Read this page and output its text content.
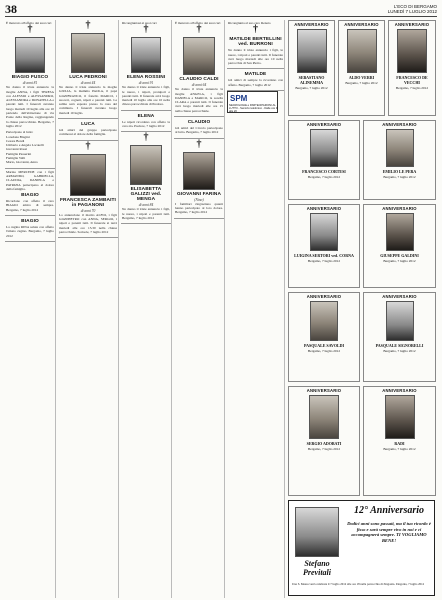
38	L'ECO DI BERGAMO
LUNEDÌ 7 LUGLIO 2012
È mancato all'affetto dei suoi cari
†
BIAGIO FUSCO
di anni 81
Ne danno il triste annuncio la moglie ANNA, i figli TERESA con ALESSIO e ALESSANDRO, ALESSANDRA e DONATELLA e parenti tutti. I funerali avranno luogo martedì 10 luglio alle ore 10 partendo dall'abitazione di via Ponte della Regina, raggiungendo la chiesa parrocchiale. Bergamo, 7 luglio 2012
Partecipano al lutto:
Loredana Biagini
Cesare Bondi
Umberto e Angela Locatelli
Giovanni Rossi
Famiglia Passerini
Famiglia Valli
Mario, Giovanni, Anna
Marina MERCEDE con i figli ARMANDO, GABRIELLA, CLAUDIA, DANIELA e PATRIZIA partecipano al dolore della famiglia.
BIAGIO
Ricordano con affetto il caro BIAGIO amico di sempre. Bergamo, 7 luglio 2012
BIAGIO
La cugina RINA saluta con affetto l'amato cugino. Bergamo, 7 luglio 2012
†
LUCA PEDRONI
di anni 44
Ne danno il triste annuncio la moglie GIULIA, la mamma PAOLA, il papà GIANFRANCO, il fratello MARCO, i suoceri, cognati, nipoti e parenti tutti. La salma sarà esposta presso la casa del commiato. I funerali avranno luogo martedì 10 luglio.
LUCA
Gli amici del gruppo partecipano commossi al dolore della famiglia.
†
FRANCESCA ZAMBAITI in PAGANONI
di anni 70
Lo annunciano il marito ALFIO, i figli GIANPIETRO con ANNA, SERGIO, i nipoti e parenti tutti. Il funerale si terrà martedì alle ore 15.30 nella chiesa parrocchiale. Sorisole, 7 luglio 2012
Ricongiuntasi ai suoi cari
†
ELENA ROSSINI
di anni 91
Ne danno il triste annuncio i figli, le nuore, i nipoti, pronipoti e parenti tutti. Il funerale avrà luogo martedì 10 luglio alle ore 10 nella chiesa parrocchiale di Predore.
ELENA
Le nipoti ricordano con affetto la cara zia. Predore, 7 luglio 2012
†
ELISABETTA GALIZZI ved. MENGA
di anni 84
Ne danno il triste annuncio i figli, le nuore, i nipoti e parenti tutti. Bergamo, 7 luglio 2012
È mancato all'affetto dei suoi cari
†
CLAUDIO CALDI
di anni 64
Ne danno il triste annuncio la moglie ANGELA, i figli DANIELA e MARCO, la sorella CLARA e parenti tutti. Il funerale avrà luogo martedì alle ore 15 nella chiesa parrocchiale.
CLAUDIO
Gli amici del Circolo partecipano al lutto. Bergamo, 7 luglio 2012
†
GIOVANNI FARINA
(Nino)
I familiari ringraziano quanti hanno partecipato al loro dolore. Bergamo, 7 luglio 2012
Ricongiunta al suo caro Renato
†
MATILDE BERTELLINI ved. BURRONI
Ne danno il triste annuncio i figli, le nuore, i nipoti e parenti tutti. Il funerale avrà luogo martedì alle ore 10 nella parrocchia di San Pietro.
MATILDE
Gli amici di sempre la ricordano con affetto. Bergamo, 7 luglio 2012
SPM
NECROLOGIE e PARTECIPAZIONI AL LUTTO - Servizio telefonico - Dalle ore 9 alle 20
ANNIVERSARIO
SEBASTIANO ALINEMMA
Bergamo, 7 luglio 2012
ANNIVERSARIO
ALDO VERRI
Bergamo, 7 luglio 2012
ANNIVERSARIO
FRANCESCO DE VECCHI
Bergamo, 7 luglio 2012
ANNIVERSARIO
FRANCESCO CORTESI
Bergamo, 7 luglio 2012
ANNIVERSARIO
EMILIO LE PERA
Bergamo, 7 luglio 2012
ANNIVERSARIO
LUIGINA SERTORI ved. CORNA
Bergamo, 7 luglio 2012
ANNIVERSARIO
GIUSEPPE GALDINI
Bergamo, 7 luglio 2012
ANNIVERSARIO
PASQUALE SAVOLDI
Bergamo, 7 luglio 2012
ANNIVERSARIO
PASQUALE SIGNORELLI
Bergamo, 7 luglio 2012
ANNIVERSARIO
SERGIO ADOBATI
Bergamo, 7 luglio 2012
ANNIVERSARIO
RADI
Bergamo, 7 luglio 2012
12° Anniversario
Dodici anni sono passati, ma il tuo ricordo è fisso e sarà sempre vivo in noi e ci accompagnerà sempre. TI VOGLIAMO BENE!
Stefano Previtali
Una S. Messa verrà celebrata il 7 luglio 2012 alle ore 18 nella parrocchia di Zingonia. Zingonia, 7 luglio 2012
